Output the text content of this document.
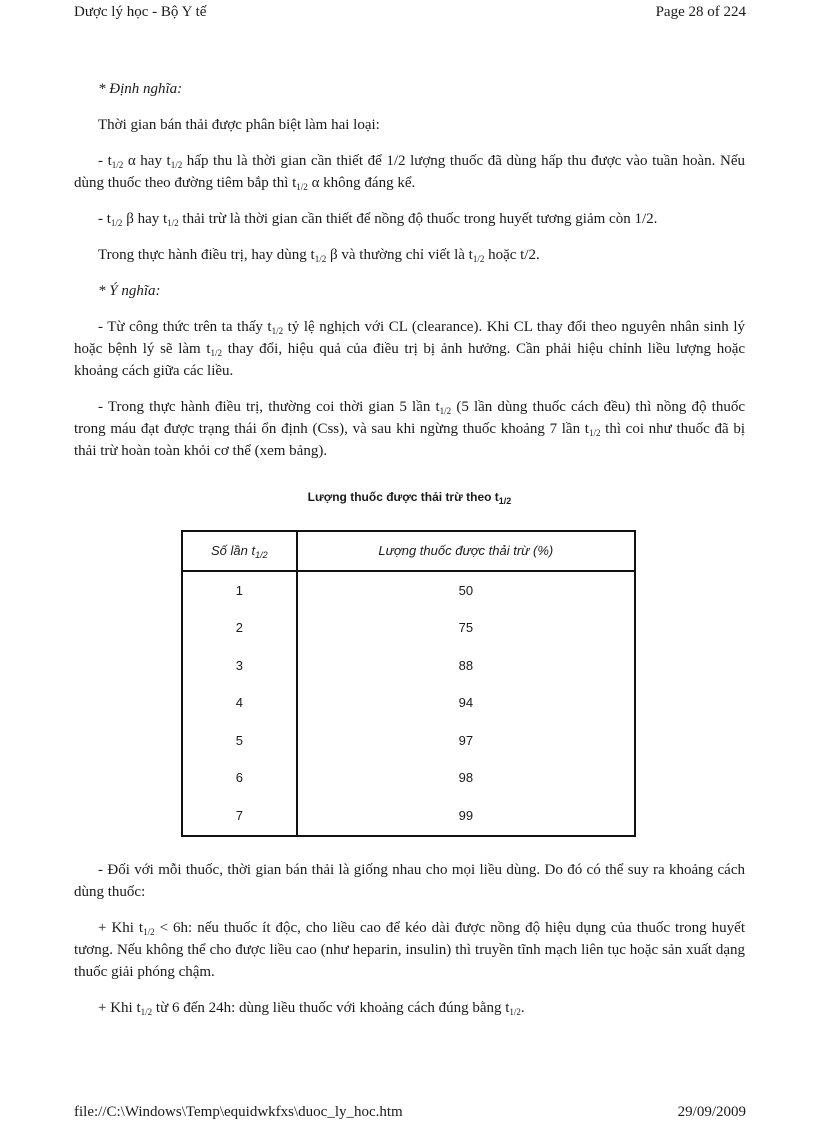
Dược lý học - Bộ Y tế	Page 28 of 224

* Định nghĩa:

Thời gian bán thải được phân biệt làm hai loại:

- $t_{1/2}$ α hay $t_{1/2}$ hấp thu là thời gian cần thiết để 1/2 lượng thuốc đã dùng hấp thu được vào tuần hoàn. Nếu dùng thuốc theo đường tiêm bắp thì $t_{1/2}$ α không đáng kể.

- $t_{1/2}$ β hay $t_{1/2}$ thải trừ là thời gian cần thiết để nồng độ thuốc trong huyết tương giảm còn 1/2.

Trong thực hành điều trị, hay dùng $t_{1/2}$ β và thường chỉ viết là $t_{1/2}$ hoặc t/2.

* Ý nghĩa:

- Từ công thức trên ta thấy $t_{1/2}$ tỷ lệ nghịch với CL (clearance). Khi CL thay đổi theo nguyên nhân sinh lý hoặc bệnh lý sẽ làm $t_{1/2}$ thay đổi, hiệu quả của điều trị bị ảnh hưởng. Cần phải hiệu chỉnh liều lượng hoặc khoảng cách giữa các liều.

- Trong thực hành điều trị, thường coi thời gian 5 lần $t_{1/2}$ (5 lần dùng thuốc cách đều) thì nồng độ thuốc trong máu đạt được trạng thái ổn định (Css), và sau khi ngừng thuốc khoảng 7 lần $t_{1/2}$ thì coi như thuốc đã bị thải trừ hoàn toàn khỏi cơ thể (xem bảng).

Lượng thuốc được thải trừ theo $t_{1/2}$
Số lần $t_{1/2}$	Lượng thuốc được thải trừ (%)
1	50
2	75
3	88
4	94
5	97
6	98
7	99

- Đối với mỗi thuốc, thời gian bán thải là giống nhau cho mọi liều dùng. Do đó có thể suy ra khoảng cách dùng thuốc:

+ Khi $t_{1/2} < 6h$: nếu thuốc ít độc, cho liều cao để kéo dài được nồng độ hiệu dụng của thuốc trong huyết tương. Nếu không thể cho được liều cao (như heparin, insulin) thì truyền tĩnh mạch liên tục hoặc sản xuất dạng thuốc giải phóng chậm.

+ Khi $t_{1/2}$ từ 6 đến 24h: dùng liều thuốc với khoảng cách đúng bằng $t_{1/2}$.

file://C:\Windows\Temp\equidwkfxs\duoc_ly_hoc.htm	29/09/2009
